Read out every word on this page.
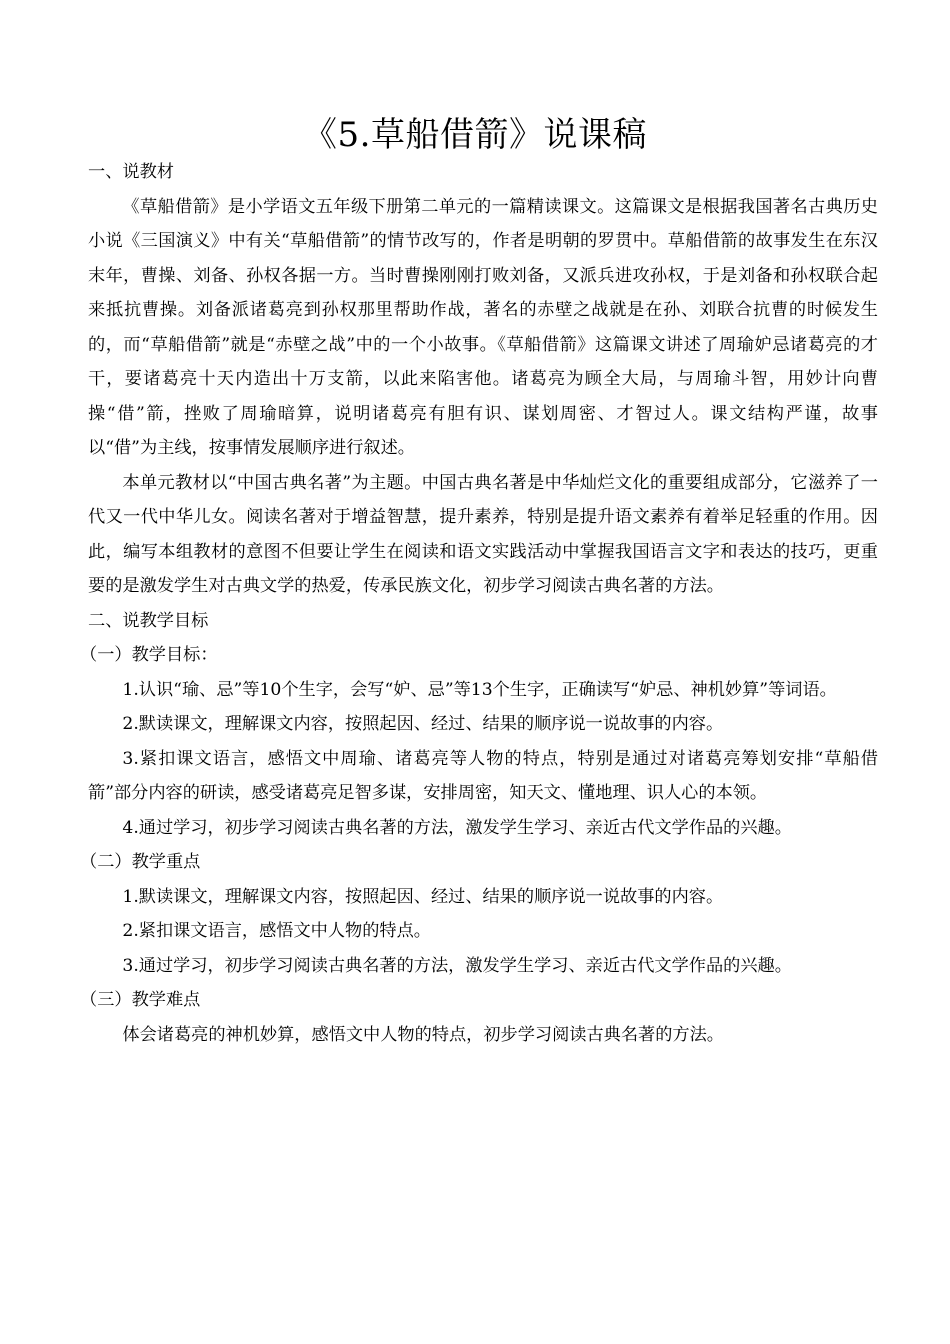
《5.草船借箭》说课稿

一、说教材

《草船借箭》是小学语文五年级下册第二单元的一篇精读课文。这篇课文是根据我国著名古典历史小说《三国演义》中有关“草船借箭”的情节改写的，作者是明朝的罗贯中。草船借箭的故事发生在东汉末年，曹操、刘备、孙权各据一方。当时曹操刚刚打败刘备，又派兵进攻孙权，于是刘备和孙权联合起来抵抗曹操。刘备派诸葛亮到孙权那里帮助作战，著名的赤壁之战就是在孙、刘联合抗曹的时候发生的，而“草船借箭”就是“赤壁之战”中的一个小故事。《草船借箭》这篇课文讲述了周瑜妒忌诸葛亮的才干，要诸葛亮十天内造出十万支箭，以此来陷害他。诸葛亮为顾全大局，与周瑜斗智，用妙计向曹操“借”箭，挫败了周瑜暗算，说明诸葛亮有胆有识、谋划周密、才智过人。课文结构严谨，故事以“借”为主线，按事情发展顺序进行叙述。

本单元教材以“中国古典名著”为主题。中国古典名著是中华灿烂文化的重要组成部分，它滋养了一代又一代中华儿女。阅读名著对于增益智慧，提升素养，特别是提升语文素养有着举足轻重的作用。因此，编写本组教材的意图不但要让学生在阅读和语文实践活动中掌握我国语言文字和表达的技巧，更重要的是激发学生对古典文学的热爱，传承民族文化，初步学习阅读古典名著的方法。

二、说教学目标

（一）教学目标：

1.认识“瑜、忌”等10个生字，会写“妒、忌”等13个生字，正确读写“妒忌、神机妙算”等词语。

2.默读课文，理解课文内容，按照起因、经过、结果的顺序说一说故事的内容。

3.紧扣课文语言，感悟文中周瑜、诸葛亮等人物的特点，特别是通过对诸葛亮筹划安排“草船借箭”部分内容的研读，感受诸葛亮足智多谋，安排周密，知天文、懂地理、识人心的本领。

4.通过学习，初步学习阅读古典名著的方法，激发学生学习、亲近古代文学作品的兴趣。

（二）教学重点

1.默读课文，理解课文内容，按照起因、经过、结果的顺序说一说故事的内容。

2.紧扣课文语言，感悟文中人物的特点。

3.通过学习，初步学习阅读古典名著的方法，激发学生学习、亲近古代文学作品的兴趣。

（三）教学难点

体会诸葛亮的神机妙算，感悟文中人物的特点，初步学习阅读古典名著的方法。
